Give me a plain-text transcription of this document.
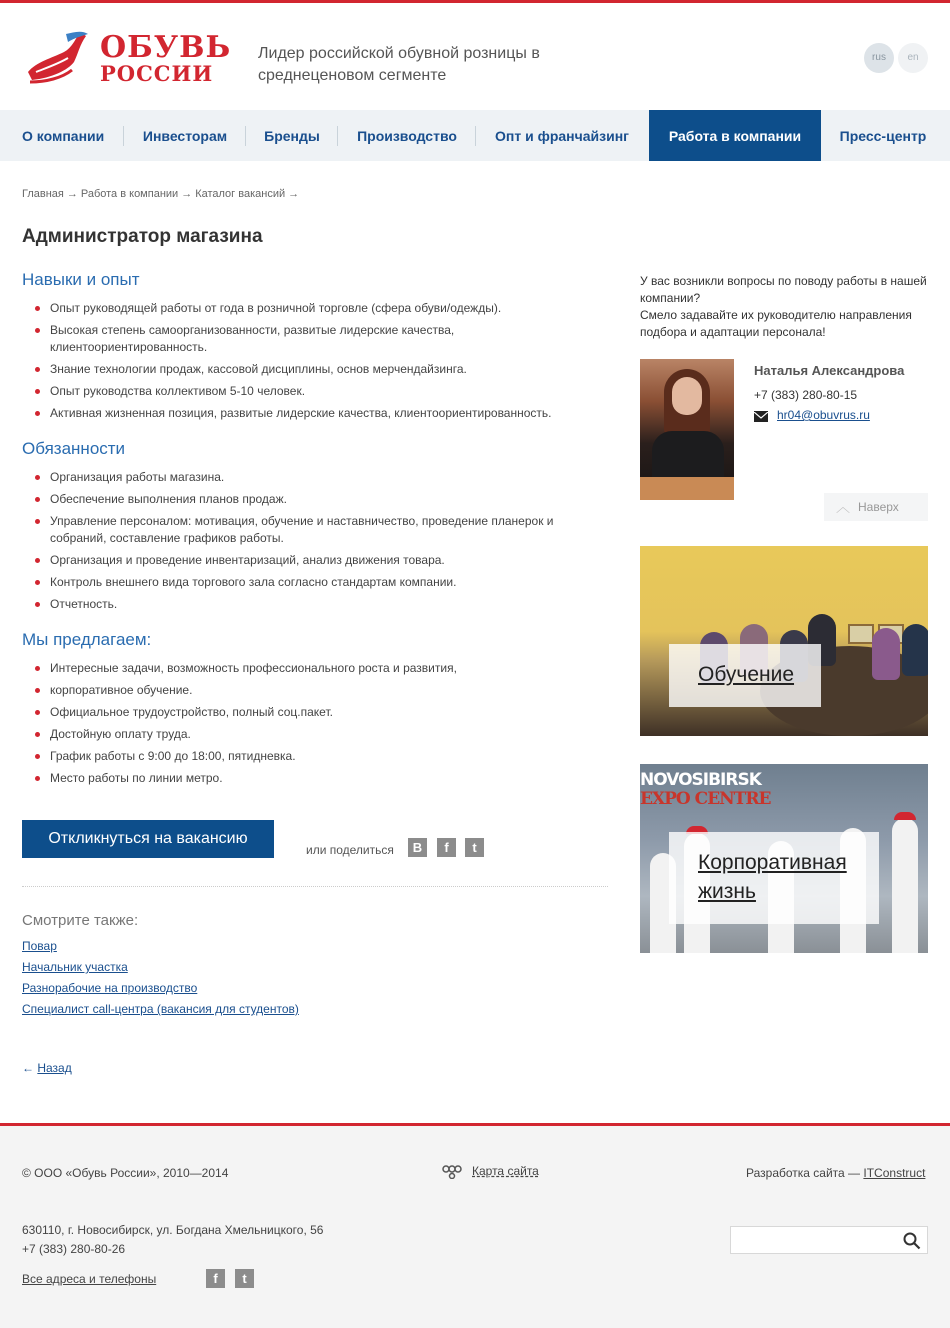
ОБУВЬ
РОССИИ
Лидер российской обувной розницы в среднеценовом сегменте
rus	en
О компании	Инвесторам	Бренды	Производство	Опт и франчайзинг	Работа в компании	Пресс-центр
Главная → Работа в компании → Каталог вакансий →
Администратор магазина
Навыки и опыт
Опыт руководящей работы от года в розничной торговле (сфера обуви/одежды).
Высокая степень самоорганизованности, развитые лидерские качества, клиентоориентированность.
Знание технологии продаж, кассовой дисциплины, основ мерчендайзинга.
Опыт руководства коллективом 5-10 человек.
Активная жизненная позиция, развитые лидерские качества, клиентоориентированность.
Обязанности
Организация работы магазина.
Обеспечение выполнения планов продаж.
Управление персоналом: мотивация, обучение и наставничество, проведение планерок и собраний, составление графиков работы.
Организация и проведение инвентаризаций, анализ движения товара.
Контроль внешнего вида торгового зала согласно стандартам компании.
Отчетность.
Мы предлагаем:
Интересные задачи, возможность профессионального роста и развития,
корпоративное обучение.
Официальное трудоустройство, полный соц.пакет.
Достойную оплату труда.
График работы с 9:00 до 18:00, пятидневка.
Место работы по линии метро.
Откликнуться на вакансию
или поделиться	В	f	t
Смотрите также:
Повар
Начальник участка
Разнорабочие на производство
Специалист call-центра (вакансия для студентов)
← Назад
У вас возникли вопросы по поводу работы в нашей компании?
Смело задавайте их руководителю направления подбора и адаптации персонала!
Наталья Александрова
+7 (383) 280-80-15
hr04@obuvrus.ru
︿ Наверх
Обучение
NOVOSIBIRSK
EXPO CENTRE
Корпоративная жизнь
© ООО «Обувь России», 2010—2014	Карта сайта	Разработка сайта — ITConstruct
630110, г. Новосибирск, ул. Богдана Хмельницкого, 56
+7 (383) 280-80-26
Все адреса и телефоны	f	t
